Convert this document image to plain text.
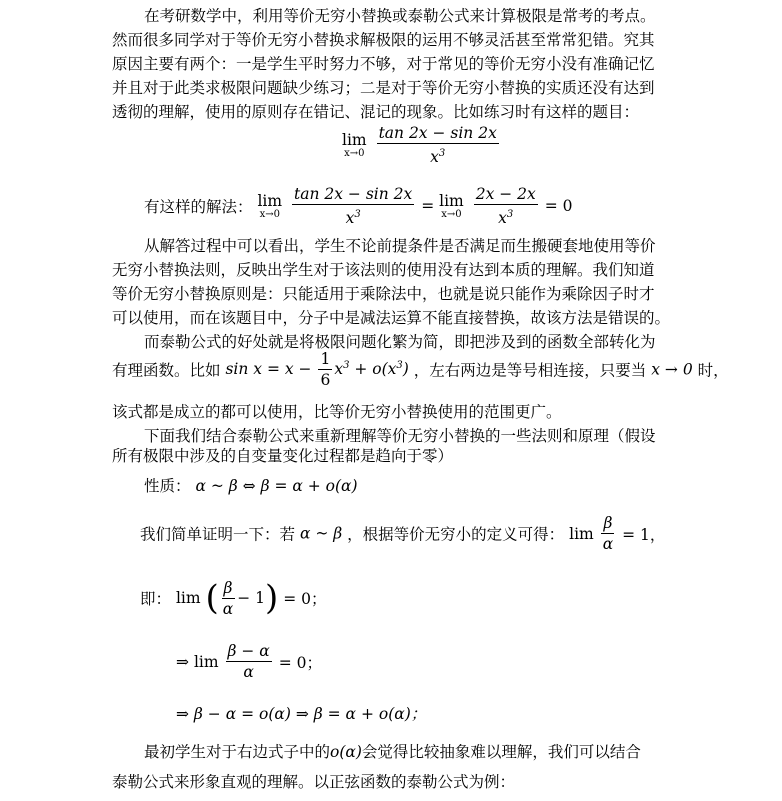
在考研数学中，利用等价无穷小替换或泰勒公式来计算极限是常考的考点。
然而很多同学对于等价无穷小替换求解极限的运用不够灵活甚至常常犯错。究其
原因主要有两个：一是学生平时努力不够，对于常见的等价无穷小没有准确记忆
并且对于此类求极限问题缺少练习；二是对于等价无穷小替换的实质还没有达到
透彻的理解，使用的原则存在错记、混记的现象。比如练习时有这样的题目：
lim
x→0
$\frac{\tan 2x - \sin 2x}{x^3}$
有这样的解法： lim
x→0
$\frac{\tan 2x - \sin 2x}{x^3} = \lim$
x→0
$\frac{2x - 2x}{x^3} = 0$
从解答过程中可以看出，学生不论前提条件是否满足而生搬硬套地使用等价
无穷小替换法则，反映出学生对于该法则的使用没有达到本质的理解。我们知道
等价无穷小替换原则是：只能适用于乘除法中，也就是说只能作为乘除因子时才
可以使用，而在该题目中，分子中是减法运算不能直接替换，故该方法是错误的。
而泰勒公式的好处就是将极限问题化繁为简，即把涉及到的函数全部转化为
有理函数。比如 $\sin x = x - \frac{1}{6} x^3 + o(x^3)$ ，左右两边是等号相连接，只要当 x → 0 时，
该式都是成立的都可以使用，比等价无穷小替换使用的范围更广。
下面我们结合泰勒公式来重新理解等价无穷小替换的一些法则和原理（假设
所有极限中涉及的自变量变化过程都是趋向于零）
性质： α ~ β ⇔ β = α + o(α)
我们简单证明一下：若 α ~ β ，根据等价无穷小的定义可得： $\lim \frac{\beta}{\alpha} = 1$，
即： lim ( $\frac{\beta}{\alpha} - 1) = 0$；
⇒ $\lim \frac{\beta - \alpha}{\alpha} = 0$；
⇒ β − α = o(α) ⇒ β = α + o(α)；
最初学生对于右边式子中的o(α)会觉得比较抽象难以理解，我们可以结合
泰勒公式来形象直观的理解。以正弦函数的泰勒公式为例：
